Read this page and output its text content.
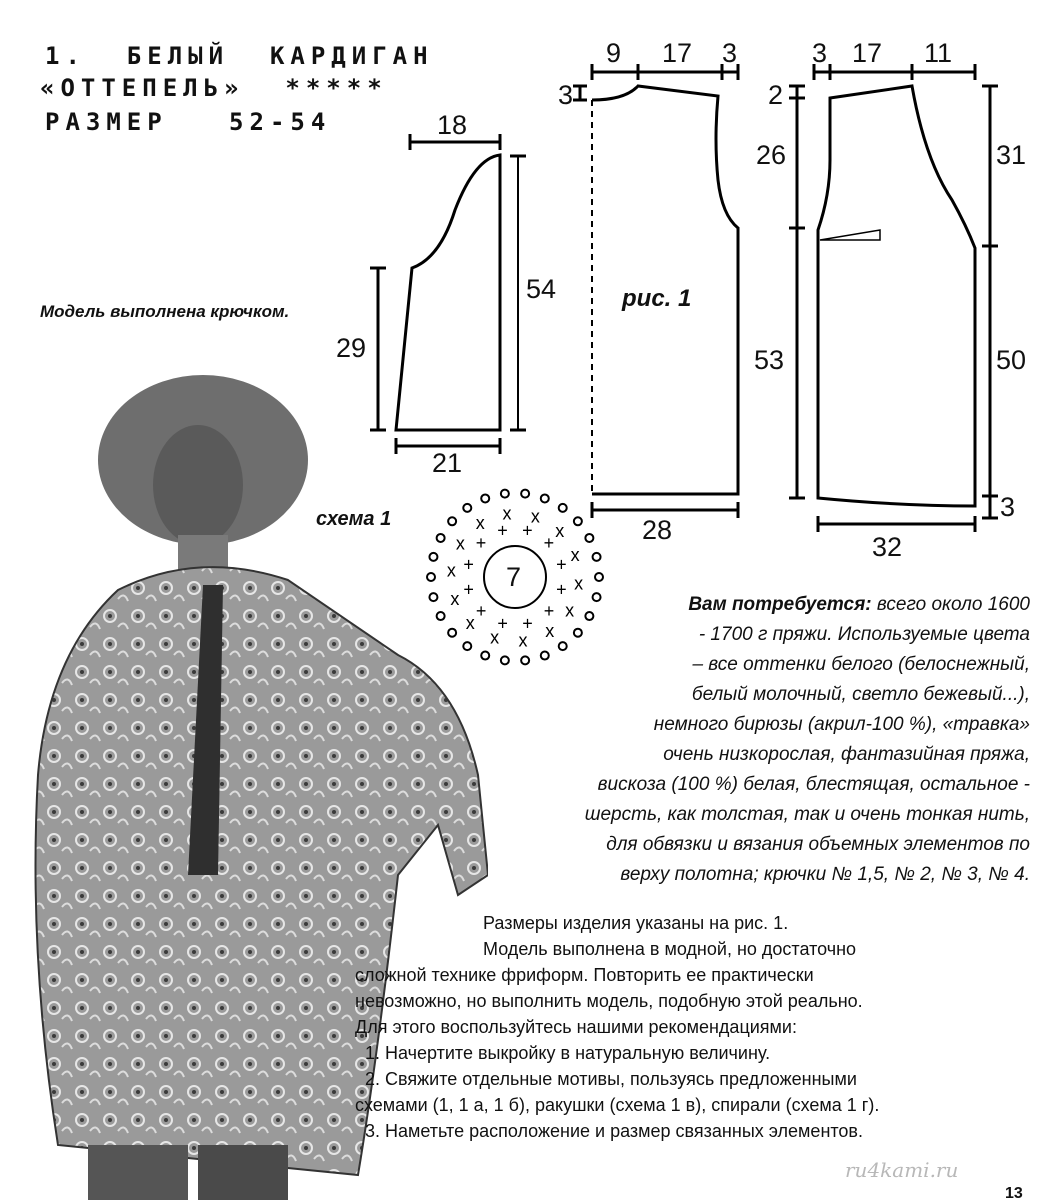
1.  БЕЛЫЙ  КАРДИГАН
«ОТТЕПЕЛЬ»  *****
РАЗМЕР   52-54
Модель выполнена крючком.
+
+
+
+
+
+
+
+
+ +
+
+
x
x
x
x
x
x
x
x
x
x x x
x
x
18
54
29
21
9 17 3
3
рис. 1
28
3 17 11
2
26	31
53	50
3
32
схема 1
7
Вам потребуется: всего около 1600
- 1700 г пряжи. Используемые цвета
– все оттенки белого (белоснежный,
белый молочный, светло бежевый...),
немного бирюзы (акрил-100 %), «травка»
очень низкорослая, фантазийная пряжа,
вискоза (100 %) белая, блестящая, остальное -
шерсть, как толстая, так и очень тонкая нить,
для обвязки и вязания объемных элементов по
верху полотна; крючки № 1,5, № 2, № 3, № 4.
Размеры изделия указаны на рис. 1.
Модель выполнена в модной, но достаточно
сложной технике фриформ. Повторить ее практически
невозможно, но выполнить модель, подобную этой реально.
Для этого воспользуйтесь нашими рекомендациями:
1. Начертите выкройку в натуральную величину.
2. Свяжите отдельные мотивы, пользуясь предложенными
схемами (1, 1 а, 1 б), ракушки (схема 1 в), спирали (схема 1 г).
3. Наметьте расположение и размер связанных элементов.
ru4kami.ru
13
